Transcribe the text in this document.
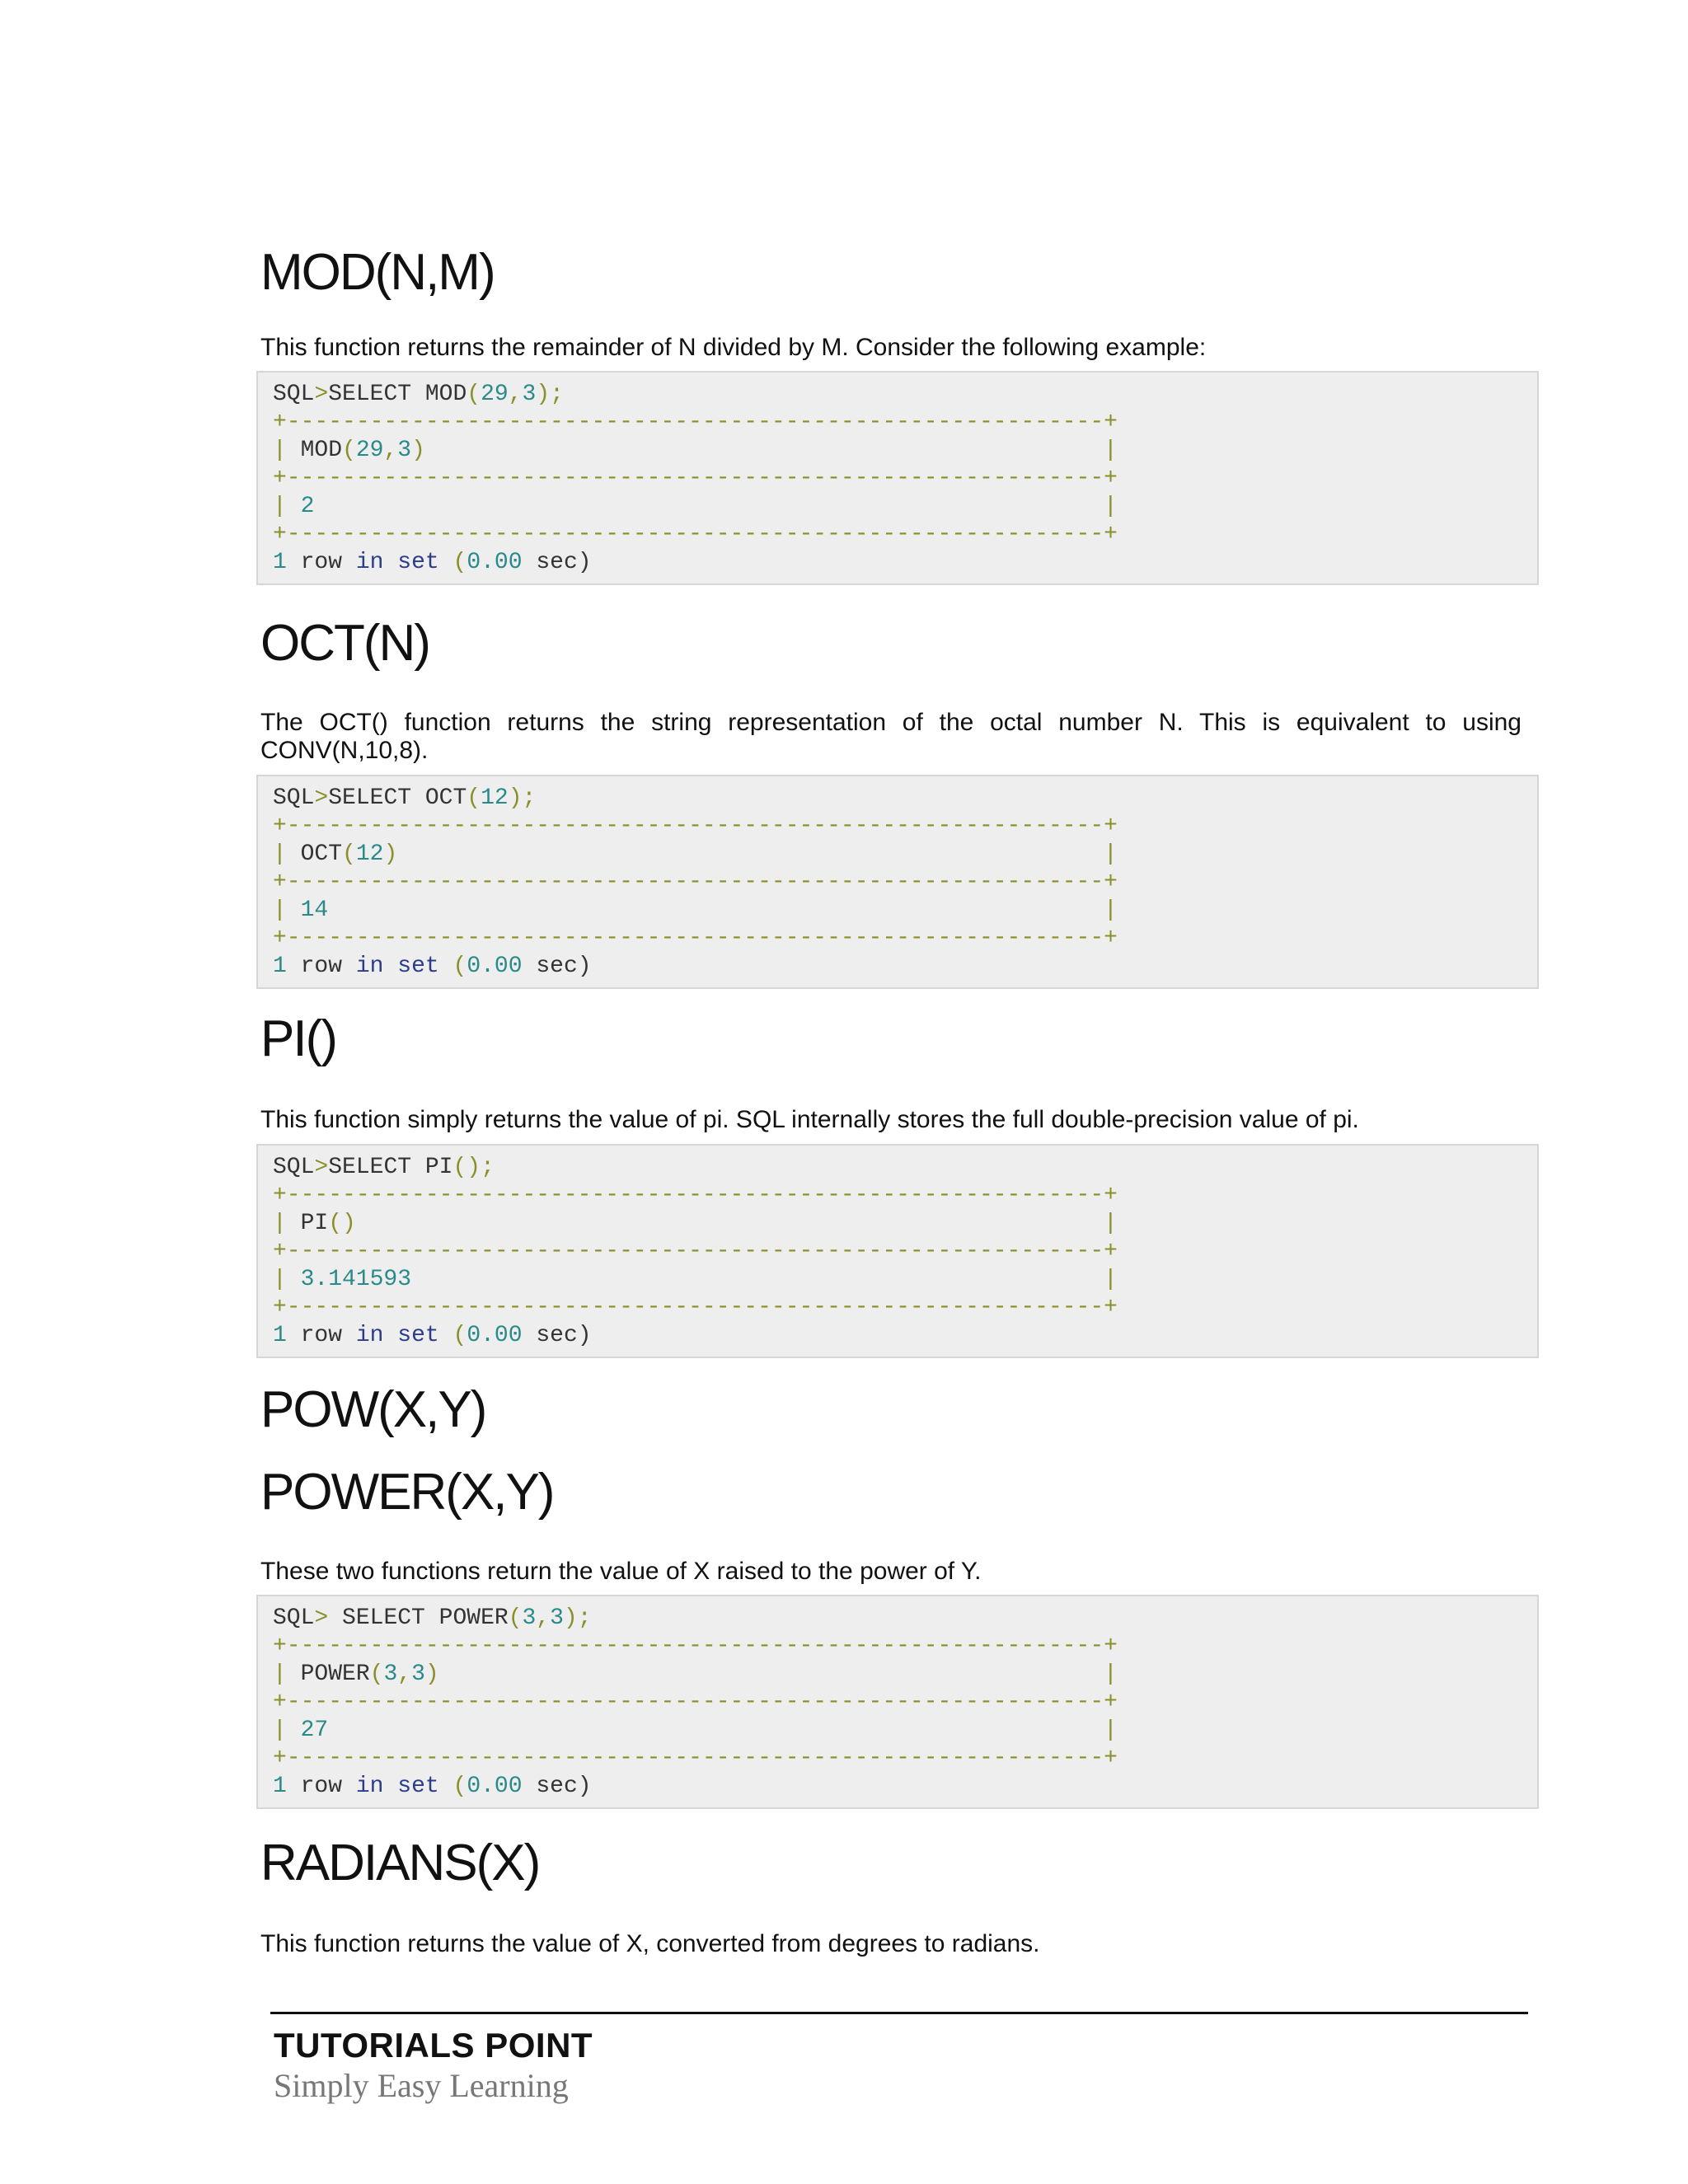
MOD(N,M)

This function returns the remainder of N divided by M. Consider the following example:

SQL>SELECT MOD(29,3);
+-----------------------------------------------------------+
| MOD(29,3)	|
+-----------------------------------------------------------+
| 2	|
+-----------------------------------------------------------+
1 row in set (0.00 sec)
OCT(N)

The OCT() function returns the string representation of the octal number N. This is equivalent to using CONV(N,10,8).

SQL>SELECT OCT(12);
+-----------------------------------------------------------+
| OCT(12)	|
+-----------------------------------------------------------+
| 14	|
+-----------------------------------------------------------+
1 row in set (0.00 sec)
PI()

This function simply returns the value of pi. SQL internally stores the full double-precision value of pi.

SQL>SELECT PI();
+-----------------------------------------------------------+
| PI()	|
+-----------------------------------------------------------+
| 3.141593	|
+-----------------------------------------------------------+
1 row in set (0.00 sec)
POW(X,Y)
POWER(X,Y)

These two functions return the value of X raised to the power of Y.

SQL> SELECT POWER(3,3);
+-----------------------------------------------------------+
| POWER(3,3)	|
+-----------------------------------------------------------+
| 27	|
+-----------------------------------------------------------+
1 row in set (0.00 sec)
RADIANS(X)

This function returns the value of X, converted from degrees to radians.

TUTORIALS POINT
Simply Easy Learning
